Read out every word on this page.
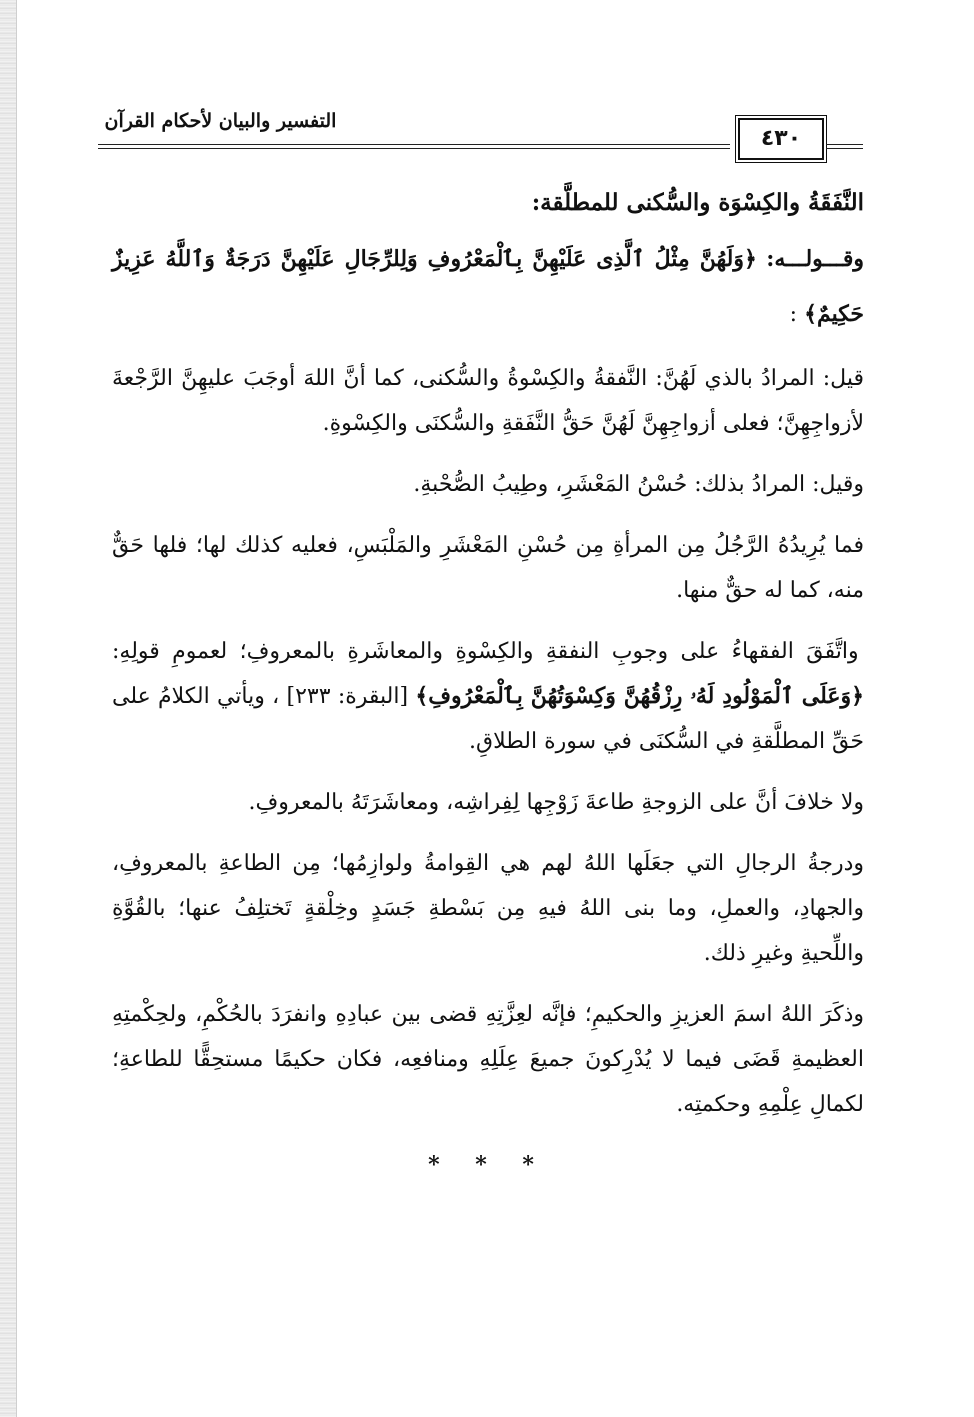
التفسير والبيان لأحكام القرآن
٤٣٠

النَّفَقَةُ والكِسْوَة والسُّكنى للمطلَّقة:

وقـــولـــه: ﴿وَلَهُنَّ مِثْلُ ٱلَّذِى عَلَيْهِنَّ بِٱلْمَعْرُوفِ وَلِلرِّجَالِ عَلَيْهِنَّ دَرَجَةٌ وَٱللَّهُ عَزِيزٌ حَكِيمٌ﴾ :

قيل: المرادُ بالذي لَهُنَّ: النَّفقةُ والكِسْوةُ والسُّكنى، كما أنَّ اللهَ أوجَبَ عليهِنَّ الرَّجْعةَ لأزواجِهِنَّ؛ فعلى أزواجِهِنَّ لَهُنَّ حَقُّ النَّفَقةِ والسُّكنَى والكِسْوةِ.

وقيل: المرادُ بذلك: حُسْنُ المَعْشَرِ، وطِيبُ الصُّحْبةِ.

فما يُرِيدُهُ الرَّجُلُ مِن المرأةِ مِن حُسْنِ المَعْشَرِ والمَلْبَسِ، فعليه كذلك لها؛ فلها حَقٌّ منه، كما له حقٌّ منها.

واتَّفَقَ الفقهاءُ على وجوبِ النفقةِ والكِسْوةِ والمعاشَرةِ بالمعروفِ؛ لعمومِ قولِهِ: ﴿وَعَلَى ٱلْمَوْلُودِ لَهُۥ رِزْقُهُنَّ وَكِسْوَتُهُنَّ بِٱلْمَعْرُوفِ﴾ [البقرة: ٢٣٣] ، ويأتي الكلامُ على حَقِّ المطلَّقةِ في السُّكنَى في سورة الطلاقِ.

ولا خلافَ أنَّ على الزوجةِ طاعةَ زَوْجِها لِفِراشِه، ومعاشَرَتَهُ بالمعروفِ.

ودرجةُ الرجالِ التي جعَلَها اللهُ لهم هي القِوامةُ ولوازِمُها؛ مِن الطاعةِ بالمعروفِ، والجهادِ، والعملِ، وما بنى اللهُ فيهِ مِن بَسْطةِ جَسَدٍ وخِلْقةٍ تَختلِفُ عنها؛ بالقُوَّةِ واللِّحيةِ وغيرِ ذلك.

وذكَرَ اللهُ اسمَ العزيزِ والحكيمِ؛ فإنَّه لعِزَّتِهِ قضى بين عبادِهِ وانفرَدَ بالحُكْمِ، ولحِكْمتِهِ العظيمةِ قَضَى فيما لا يُدْرِكونَ جميعَ عِلَلِهِ ومنافعِه، فكان حكيمًا مستحِقًّا للطاعةِ؛ لكمالِ عِلْمِهِ وحكمتِه.

* * *
